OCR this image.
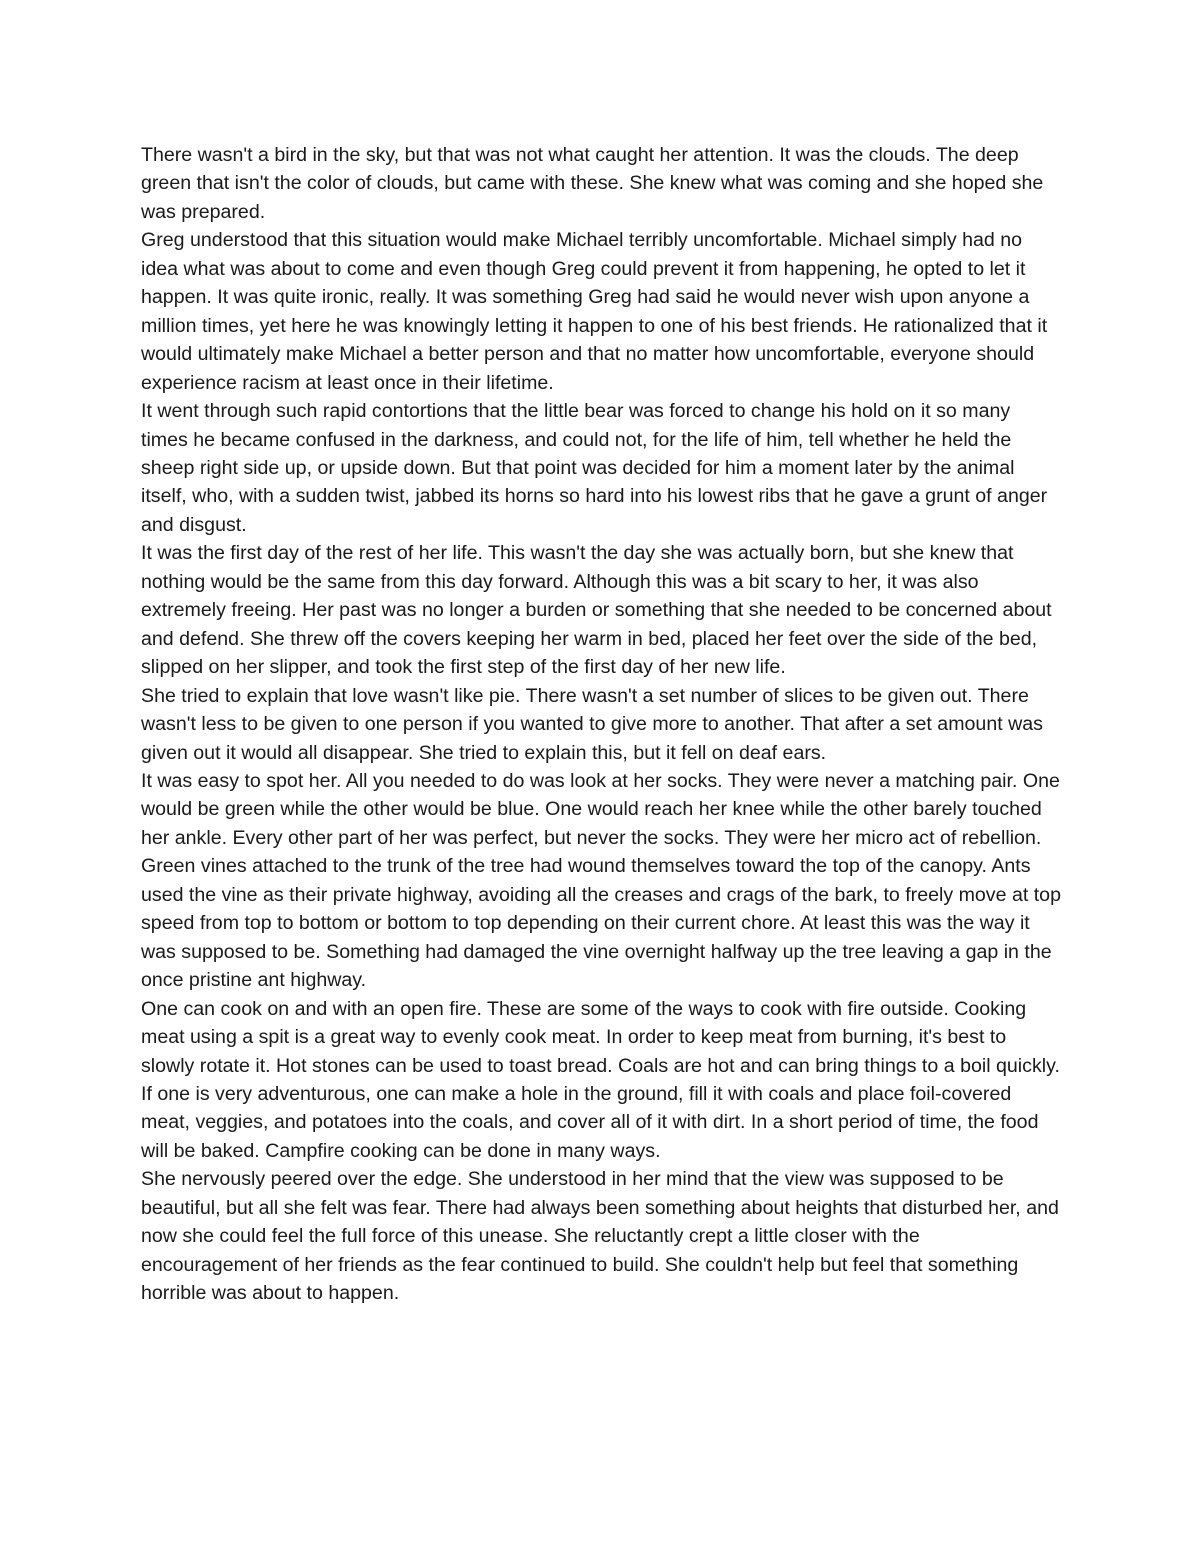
There wasn't a bird in the sky, but that was not what caught her attention. It was the clouds. The deep green that isn't the color of clouds, but came with these. She knew what was coming and she hoped she was prepared.

Greg understood that this situation would make Michael terribly uncomfortable. Michael simply had no idea what was about to come and even though Greg could prevent it from happening, he opted to let it happen. It was quite ironic, really. It was something Greg had said he would never wish upon anyone a million times, yet here he was knowingly letting it happen to one of his best friends. He rationalized that it would ultimately make Michael a better person and that no matter how uncomfortable, everyone should experience racism at least once in their lifetime.

It went through such rapid contortions that the little bear was forced to change his hold on it so many times he became confused in the darkness, and could not, for the life of him, tell whether he held the sheep right side up, or upside down. But that point was decided for him a moment later by the animal itself, who, with a sudden twist, jabbed its horns so hard into his lowest ribs that he gave a grunt of anger and disgust.

It was the first day of the rest of her life. This wasn't the day she was actually born, but she knew that nothing would be the same from this day forward. Although this was a bit scary to her, it was also extremely freeing. Her past was no longer a burden or something that she needed to be concerned about and defend. She threw off the covers keeping her warm in bed, placed her feet over the side of the bed, slipped on her slipper, and took the first step of the first day of her new life.

She tried to explain that love wasn't like pie. There wasn't a set number of slices to be given out. There wasn't less to be given to one person if you wanted to give more to another. That after a set amount was given out it would all disappear. She tried to explain this, but it fell on deaf ears.

It was easy to spot her. All you needed to do was look at her socks. They were never a matching pair. One would be green while the other would be blue. One would reach her knee while the other barely touched her ankle. Every other part of her was perfect, but never the socks. They were her micro act of rebellion.

Green vines attached to the trunk of the tree had wound themselves toward the top of the canopy. Ants used the vine as their private highway, avoiding all the creases and crags of the bark, to freely move at top speed from top to bottom or bottom to top depending on their current chore. At least this was the way it was supposed to be. Something had damaged the vine overnight halfway up the tree leaving a gap in the once pristine ant highway.

One can cook on and with an open fire. These are some of the ways to cook with fire outside. Cooking meat using a spit is a great way to evenly cook meat. In order to keep meat from burning, it's best to slowly rotate it. Hot stones can be used to toast bread. Coals are hot and can bring things to a boil quickly. If one is very adventurous, one can make a hole in the ground, fill it with coals and place foil-covered meat, veggies, and potatoes into the coals, and cover all of it with dirt. In a short period of time, the food will be baked. Campfire cooking can be done in many ways.

She nervously peered over the edge. She understood in her mind that the view was supposed to be beautiful, but all she felt was fear. There had always been something about heights that disturbed her, and now she could feel the full force of this unease. She reluctantly crept a little closer with the encouragement of her friends as the fear continued to build. She couldn't help but feel that something horrible was about to happen.
